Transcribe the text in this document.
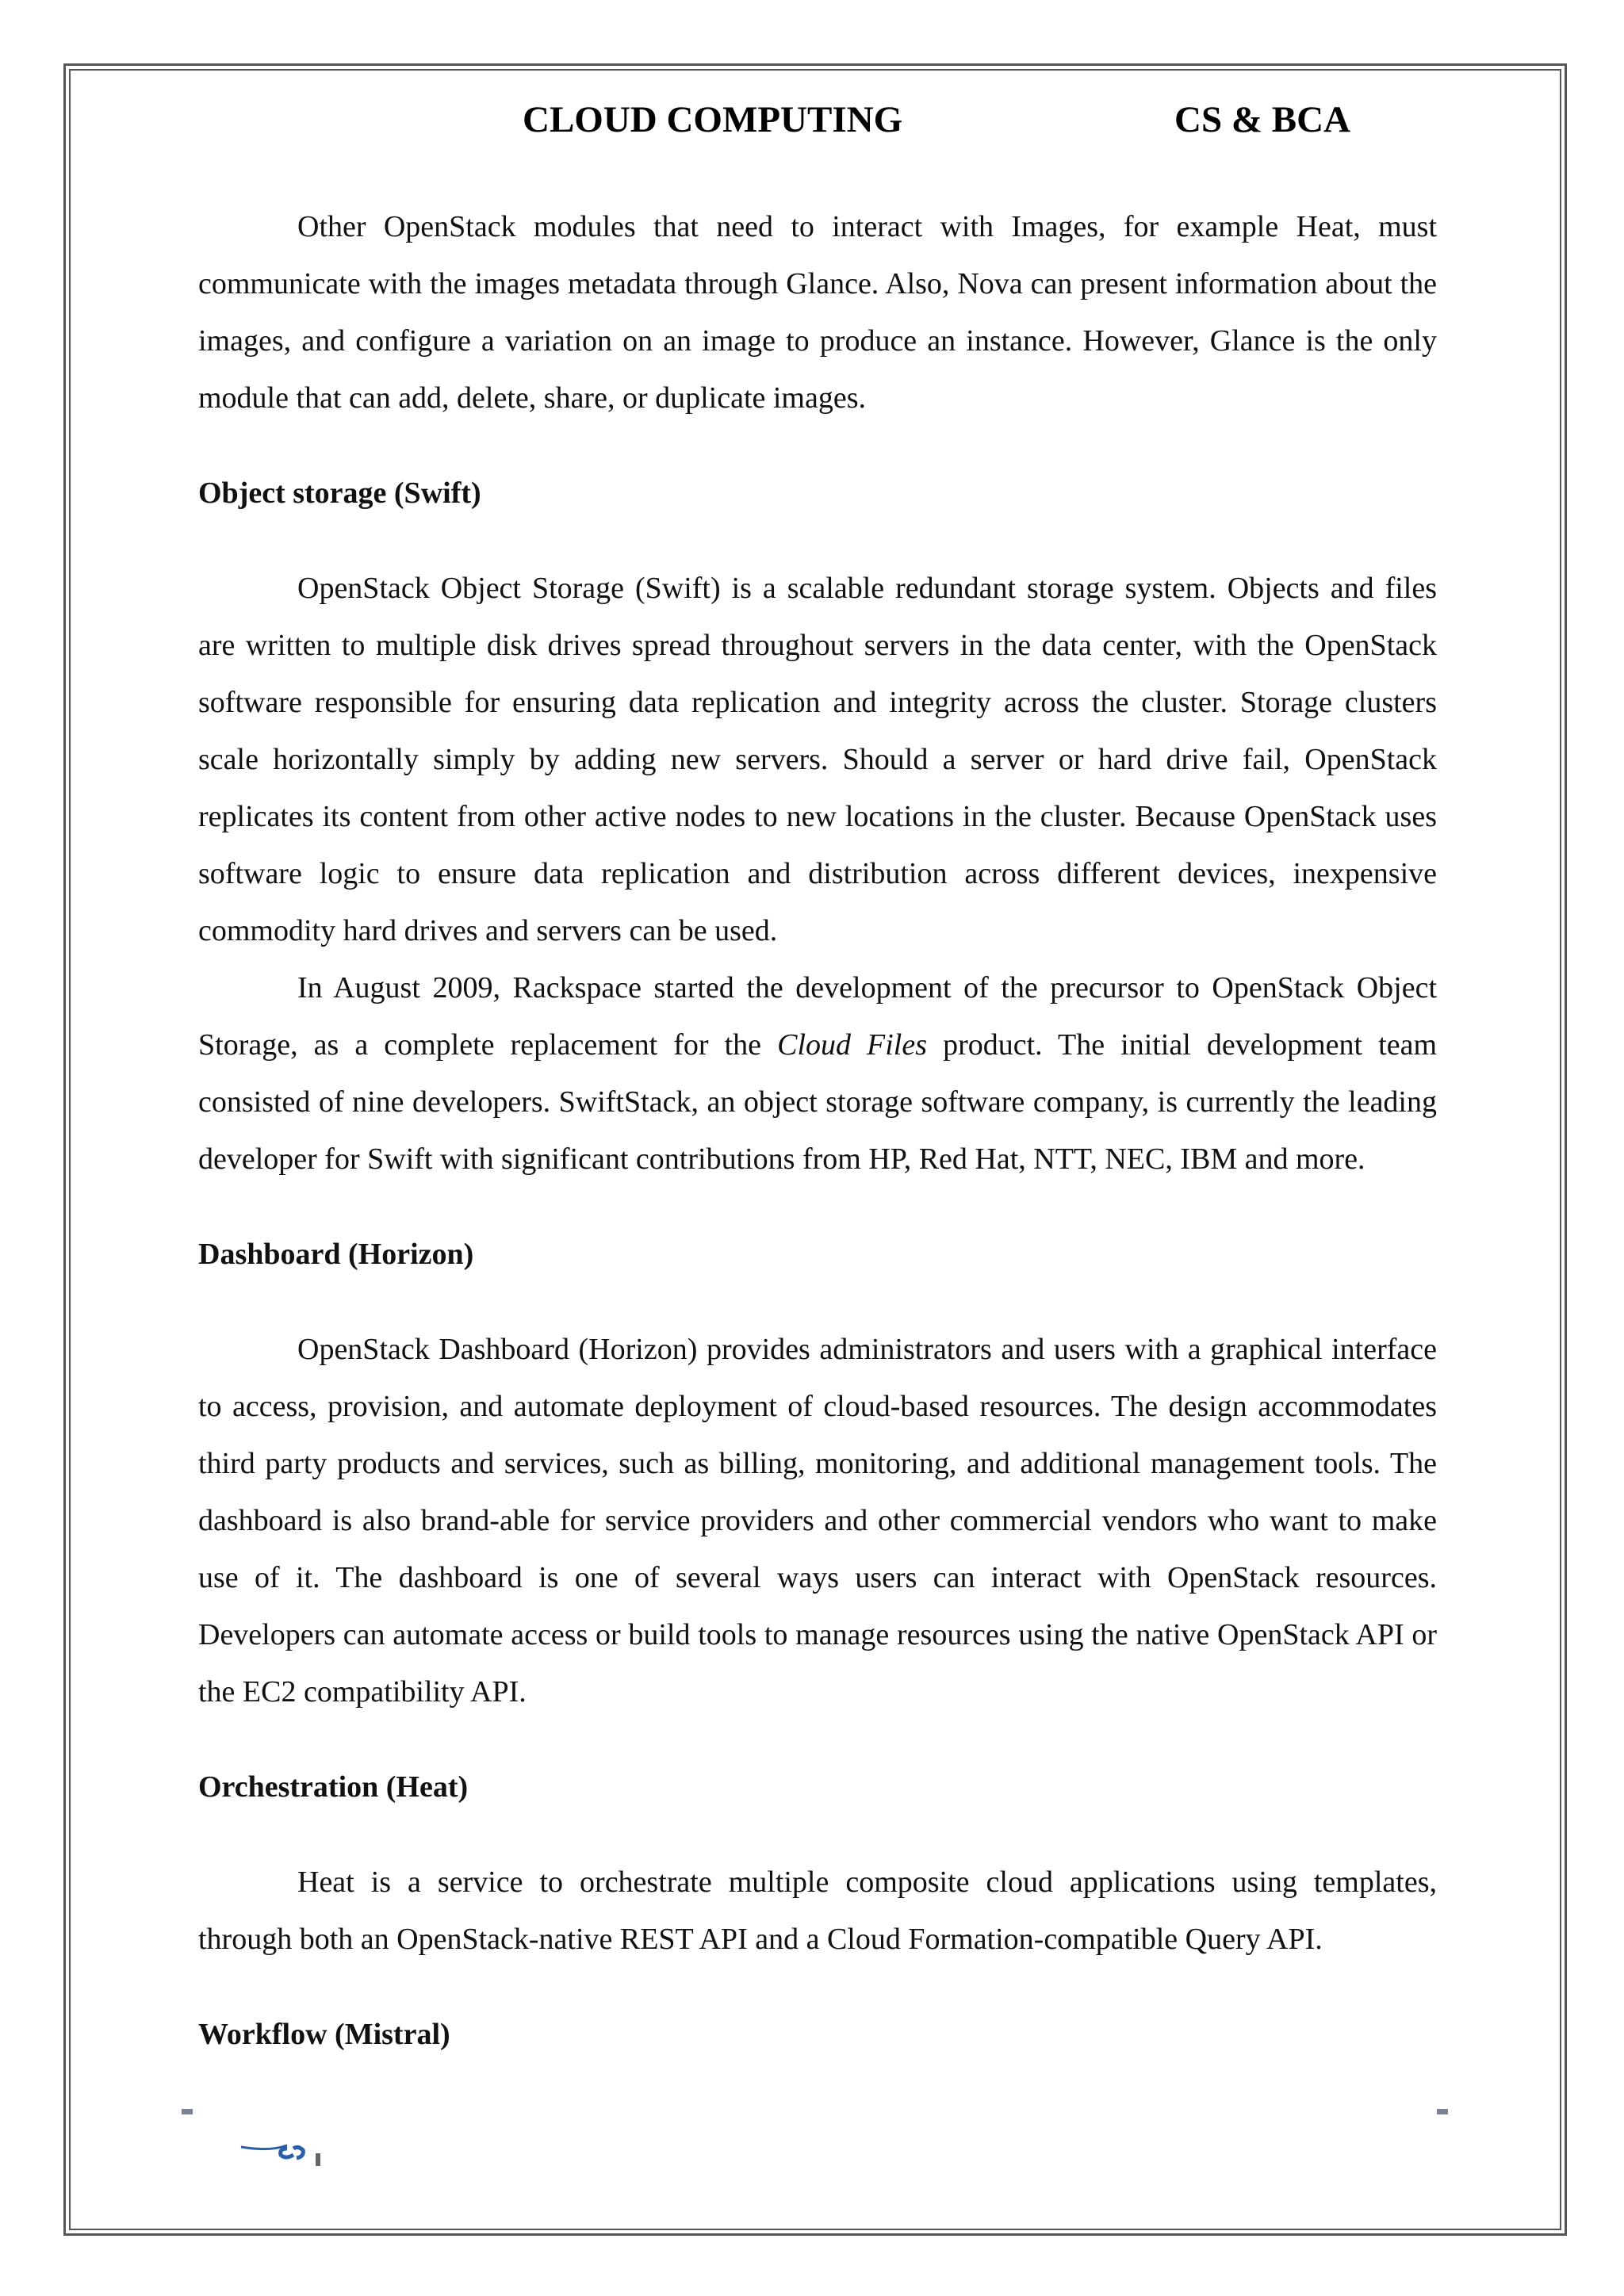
CLOUD COMPUTING	CS & BCA

Other OpenStack modules that need to interact with Images, for example Heat, must communicate with the images metadata through Glance. Also, Nova can present information about the images, and configure a variation on an image to produce an instance. However, Glance is the only module that can add, delete, share, or duplicate images.

Object storage (Swift)

OpenStack Object Storage (Swift) is a scalable redundant storage system. Objects and files are written to multiple disk drives spread throughout servers in the data center, with the OpenStack software responsible for ensuring data replication and integrity across the cluster. Storage clusters scale horizontally simply by adding new servers. Should a server or hard drive fail, OpenStack replicates its content from other active nodes to new locations in the cluster. Because OpenStack uses software logic to ensure data replication and distribution across different devices, inexpensive commodity hard drives and servers can be used.

In August 2009, Rackspace started the development of the precursor to OpenStack Object Storage, as a complete replacement for the Cloud Files product. The initial development team consisted of nine developers. SwiftStack, an object storage software company, is currently the leading developer for Swift with significant contributions from HP, Red Hat, NTT, NEC, IBM and more.

Dashboard (Horizon)

OpenStack Dashboard (Horizon) provides administrators and users with a graphical interface to access, provision, and automate deployment of cloud-based resources. The design accommodates third party products and services, such as billing, monitoring, and additional management tools. The dashboard is also brand-able for service providers and other commercial vendors who want to make use of it. The dashboard is one of several ways users can interact with OpenStack resources. Developers can automate access or build tools to manage resources using the native OpenStack API or the EC2 compatibility API.

Orchestration (Heat)

Heat is a service to orchestrate multiple composite cloud applications using templates, through both an OpenStack-native REST API and a Cloud Formation-compatible Query API.

Workflow (Mistral)
